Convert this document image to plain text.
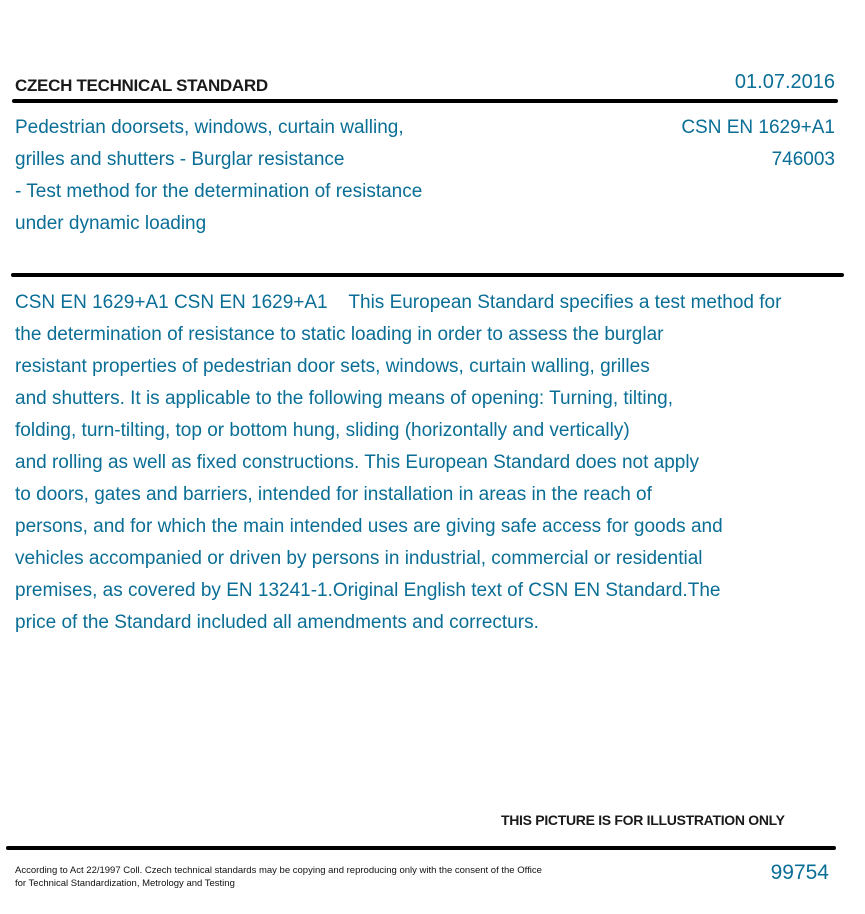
CZECH TECHNICAL STANDARD	01.07.2016
Pedestrian doorsets, windows, curtain walling,
grilles and shutters - Burglar resistance
- Test method for the determination of resistance
under dynamic loading
CSN EN 1629+A1
746003
CSN EN 1629+A1 CSN EN 1629+A1    This European Standard specifies a test method for
the determination of resistance to static loading in order to assess the burglar
resistant properties of pedestrian door sets, windows, curtain walling, grilles
and shutters. It is applicable to the following means of opening: Turning, tilting,
folding, turn-tilting, top or bottom hung, sliding (horizontally and vertically)
and rolling as well as fixed constructions. This European Standard does not apply
to doors, gates and barriers, intended for installation in areas in the reach of
persons, and for which the main intended uses are giving safe access for goods and
vehicles accompanied or driven by persons in industrial, commercial or residential
premises, as covered by EN 13241-1.Original English text of CSN EN Standard.The
price of the Standard included all amendments and correcturs.
THIS PICTURE IS FOR ILLUSTRATION ONLY
According to Act 22/1997 Coll. Czech technical standards may be copying and reproducing only with the consent of the Office
for Technical Standardization, Metrology and Testing	99754
